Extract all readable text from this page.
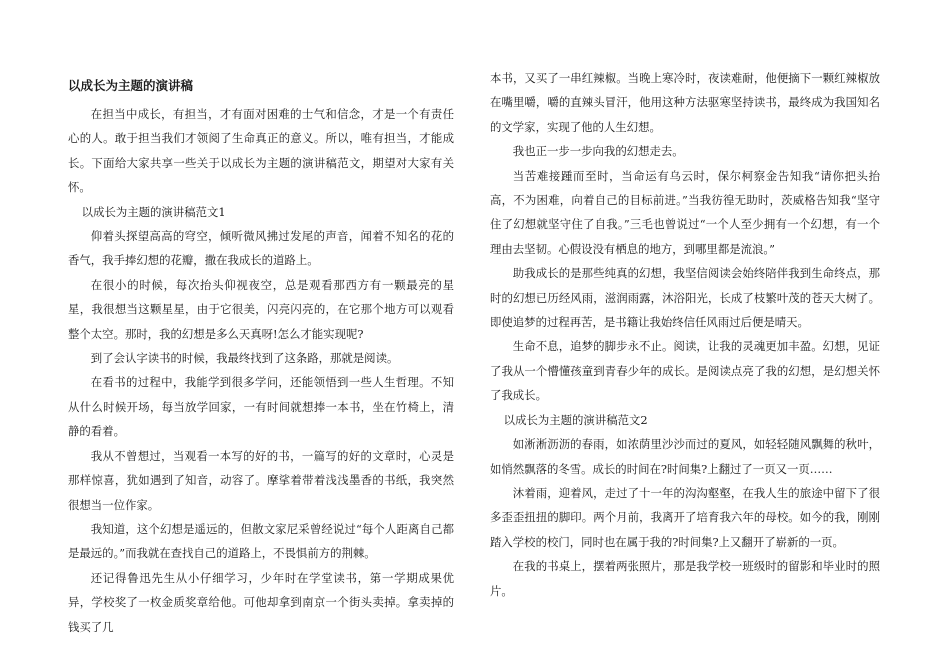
以成长为主题的演讲稿

在担当中成长，有担当，才有面对困难的士气和信念，才是一个有责任心的人。敢于担当我们才领阅了生命真正的意义。所以，唯有担当，才能成长。下面给大家共享一些关于以成长为主题的演讲稿范文，期望对大家有关怀。

以成长为主题的演讲稿范文1

仰着头探望高高的穹空，倾听微风拂过发尾的声音，闻着不知名的花的香气，我手捧幻想的花瓣，撒在我成长的道路上。

在很小的时候，每次抬头仰视夜空，总是观看那西方有一颗最亮的星星，我很想当这颗星星，由于它很美，闪亮闪亮的，在它那个地方可以观看整个太空。那时，我的幻想是多么天真呀!怎么才能实现呢?

到了会认字读书的时候，我最终找到了这条路，那就是阅读。

在看书的过程中，我能学到很多学问，还能领悟到一些人生哲理。不知从什么时候开场，每当放学回家，一有时间就想捧一本书，坐在竹椅上，清静的看着。

我从不曾想过，当观看一本写的好的书，一篇写的好的文章时，心灵是那样惊喜，犹如遇到了知音，动容了。摩挲着带着浅浅墨香的书纸，我突然很想当一位作家。

我知道，这个幻想是遥远的，但散文家尼采曾经说过“每个人距离自己都是最远的。”而我就在查找自己的道路上，不畏惧前方的荆棘。

还记得鲁迅先生从小仔细学习，少年时在学堂读书，第一学期成果优异，学校奖了一枚金质奖章给他。可他却拿到南京一个街头卖掉。拿卖掉的钱买了几

本书，又买了一串红辣椒。当晚上寒冷时，夜读难耐，他便摘下一颗红辣椒放在嘴里嚼，嚼的直辣头冒汗，他用这种方法驱寒坚持读书，最终成为我国知名的文学家，实现了他的人生幻想。

我也正一步一步向我的幻想走去。

当苦难接踵而至时，当命运有乌云时，保尔柯察金告知我“请你把头抬高，不为困难，向着自己的目标前进。”当我彷徨无助时，茨威格告知我“坚守住了幻想就坚守住了自我。”三毛也曾说过“一个人至少拥有一个幻想，有一个理由去坚韧。心假设没有栖息的地方，到哪里都是流浪。”

助我成长的是那些纯真的幻想，我坚信阅读会始终陪伴我到生命终点，那时的幻想已历经风雨，滋润雨露，沐浴阳光，长成了枝繁叶茂的苍天大树了。即使追梦的过程再苦，是书籍让我始终信任风雨过后便是晴天。

生命不息，追梦的脚步永不止。阅读，让我的灵魂更加丰盈。幻想，见证了我从一个懵懂孩童到青春少年的成长。是阅读点亮了我的幻想，是幻想关怀了我成长。

以成长为主题的演讲稿范文2

如淅淅沥沥的春雨，如浓荫里沙沙而过的夏风，如轻轻随风飘舞的秋叶，如悄然飘落的冬雪。成长的时间在?时间集?上翻过了一页又一页……

沐着雨，迎着风，走过了十一年的沟沟壑壑，在我人生的旅途中留下了很多歪歪扭扭的脚印。两个月前，我离开了培育我六年的母校。如今的我，刚刚踏入学校的校门，同时也在属于我的?时间集?上又翻开了崭新的一页。

在我的书桌上，摆着两张照片，那是我学校一班级时的留影和毕业时的照片。
